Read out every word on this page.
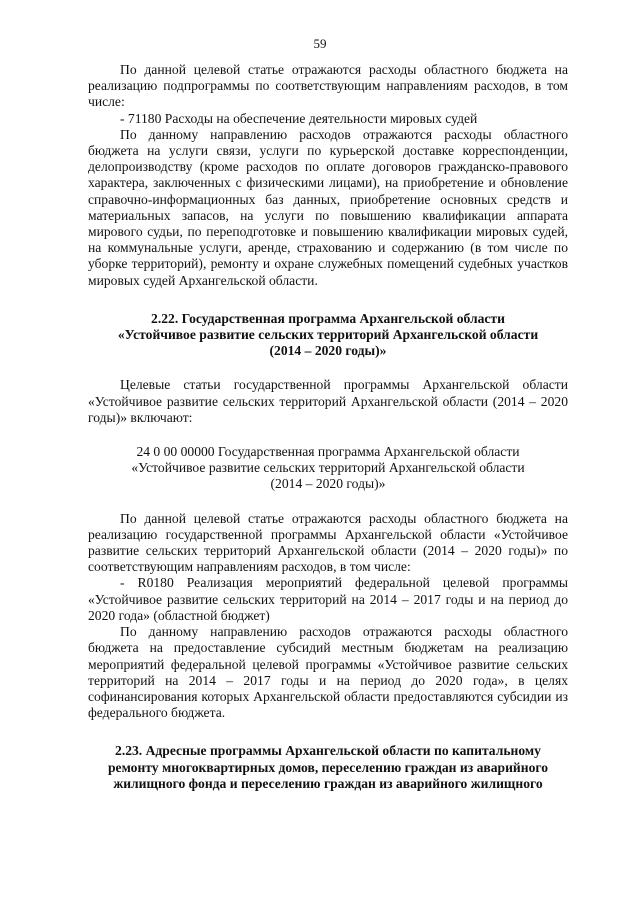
59

По данной целевой статье отражаются расходы областного бюджета на реализацию подпрограммы по соответствующим направлениям расходов, в том числе:

- 71180 Расходы на обеспечение деятельности мировых судей

По данному направлению расходов отражаются расходы областного бюджета на услуги связи, услуги по курьерской доставке корреспонденции, делопроизводству (кроме расходов по оплате договоров гражданско-правового характера, заключенных с физическими лицами), на приобретение и обновление справочно-информационных баз данных, приобретение основных средств и материальных запасов, на услуги по повышению квалификации аппарата мирового судьи, по переподготовке и повышению квалификации мировых судей, на коммунальные услуги, аренде, страхованию и содержанию (в том числе по уборке территорий), ремонту и охране служебных помещений судебных участков мировых судей Архангельской области.

2.22. Государственная программа Архангельской области

«Устойчивое развитие сельских территорий Архангельской области

(2014 – 2020 годы)»

Целевые статьи государственной программы Архангельской области «Устойчивое развитие сельских территорий Архангельской области (2014 – 2020 годы)» включают:

24 0 00 00000 Государственная программа Архангельской области

«Устойчивое развитие сельских территорий Архангельской области

(2014 – 2020 годы)»

По данной целевой статье отражаются расходы областного бюджета на реализацию государственной программы Архангельской области «Устойчивое развитие сельских территорий Архангельской области (2014 – 2020 годы)» по соответствующим направлениям расходов, в том числе:

- R0180 Реализация мероприятий федеральной целевой программы «Устойчивое развитие сельских территорий на 2014 – 2017 годы и на период до 2020 года» (областной бюджет)

По данному направлению расходов отражаются расходы областного бюджета на предоставление субсидий местным бюджетам на реализацию мероприятий федеральной целевой программы «Устойчивое развитие сельских территорий на 2014 – 2017 годы и на период до 2020 года», в целях софинансирования которых Архангельской области предоставляются субсидии из федерального бюджета.

2.23. Адресные программы Архангельской области по капитальному

ремонту многоквартирных домов, переселению граждан из аварийного

жилищного фонда и переселению граждан из аварийного жилищного
